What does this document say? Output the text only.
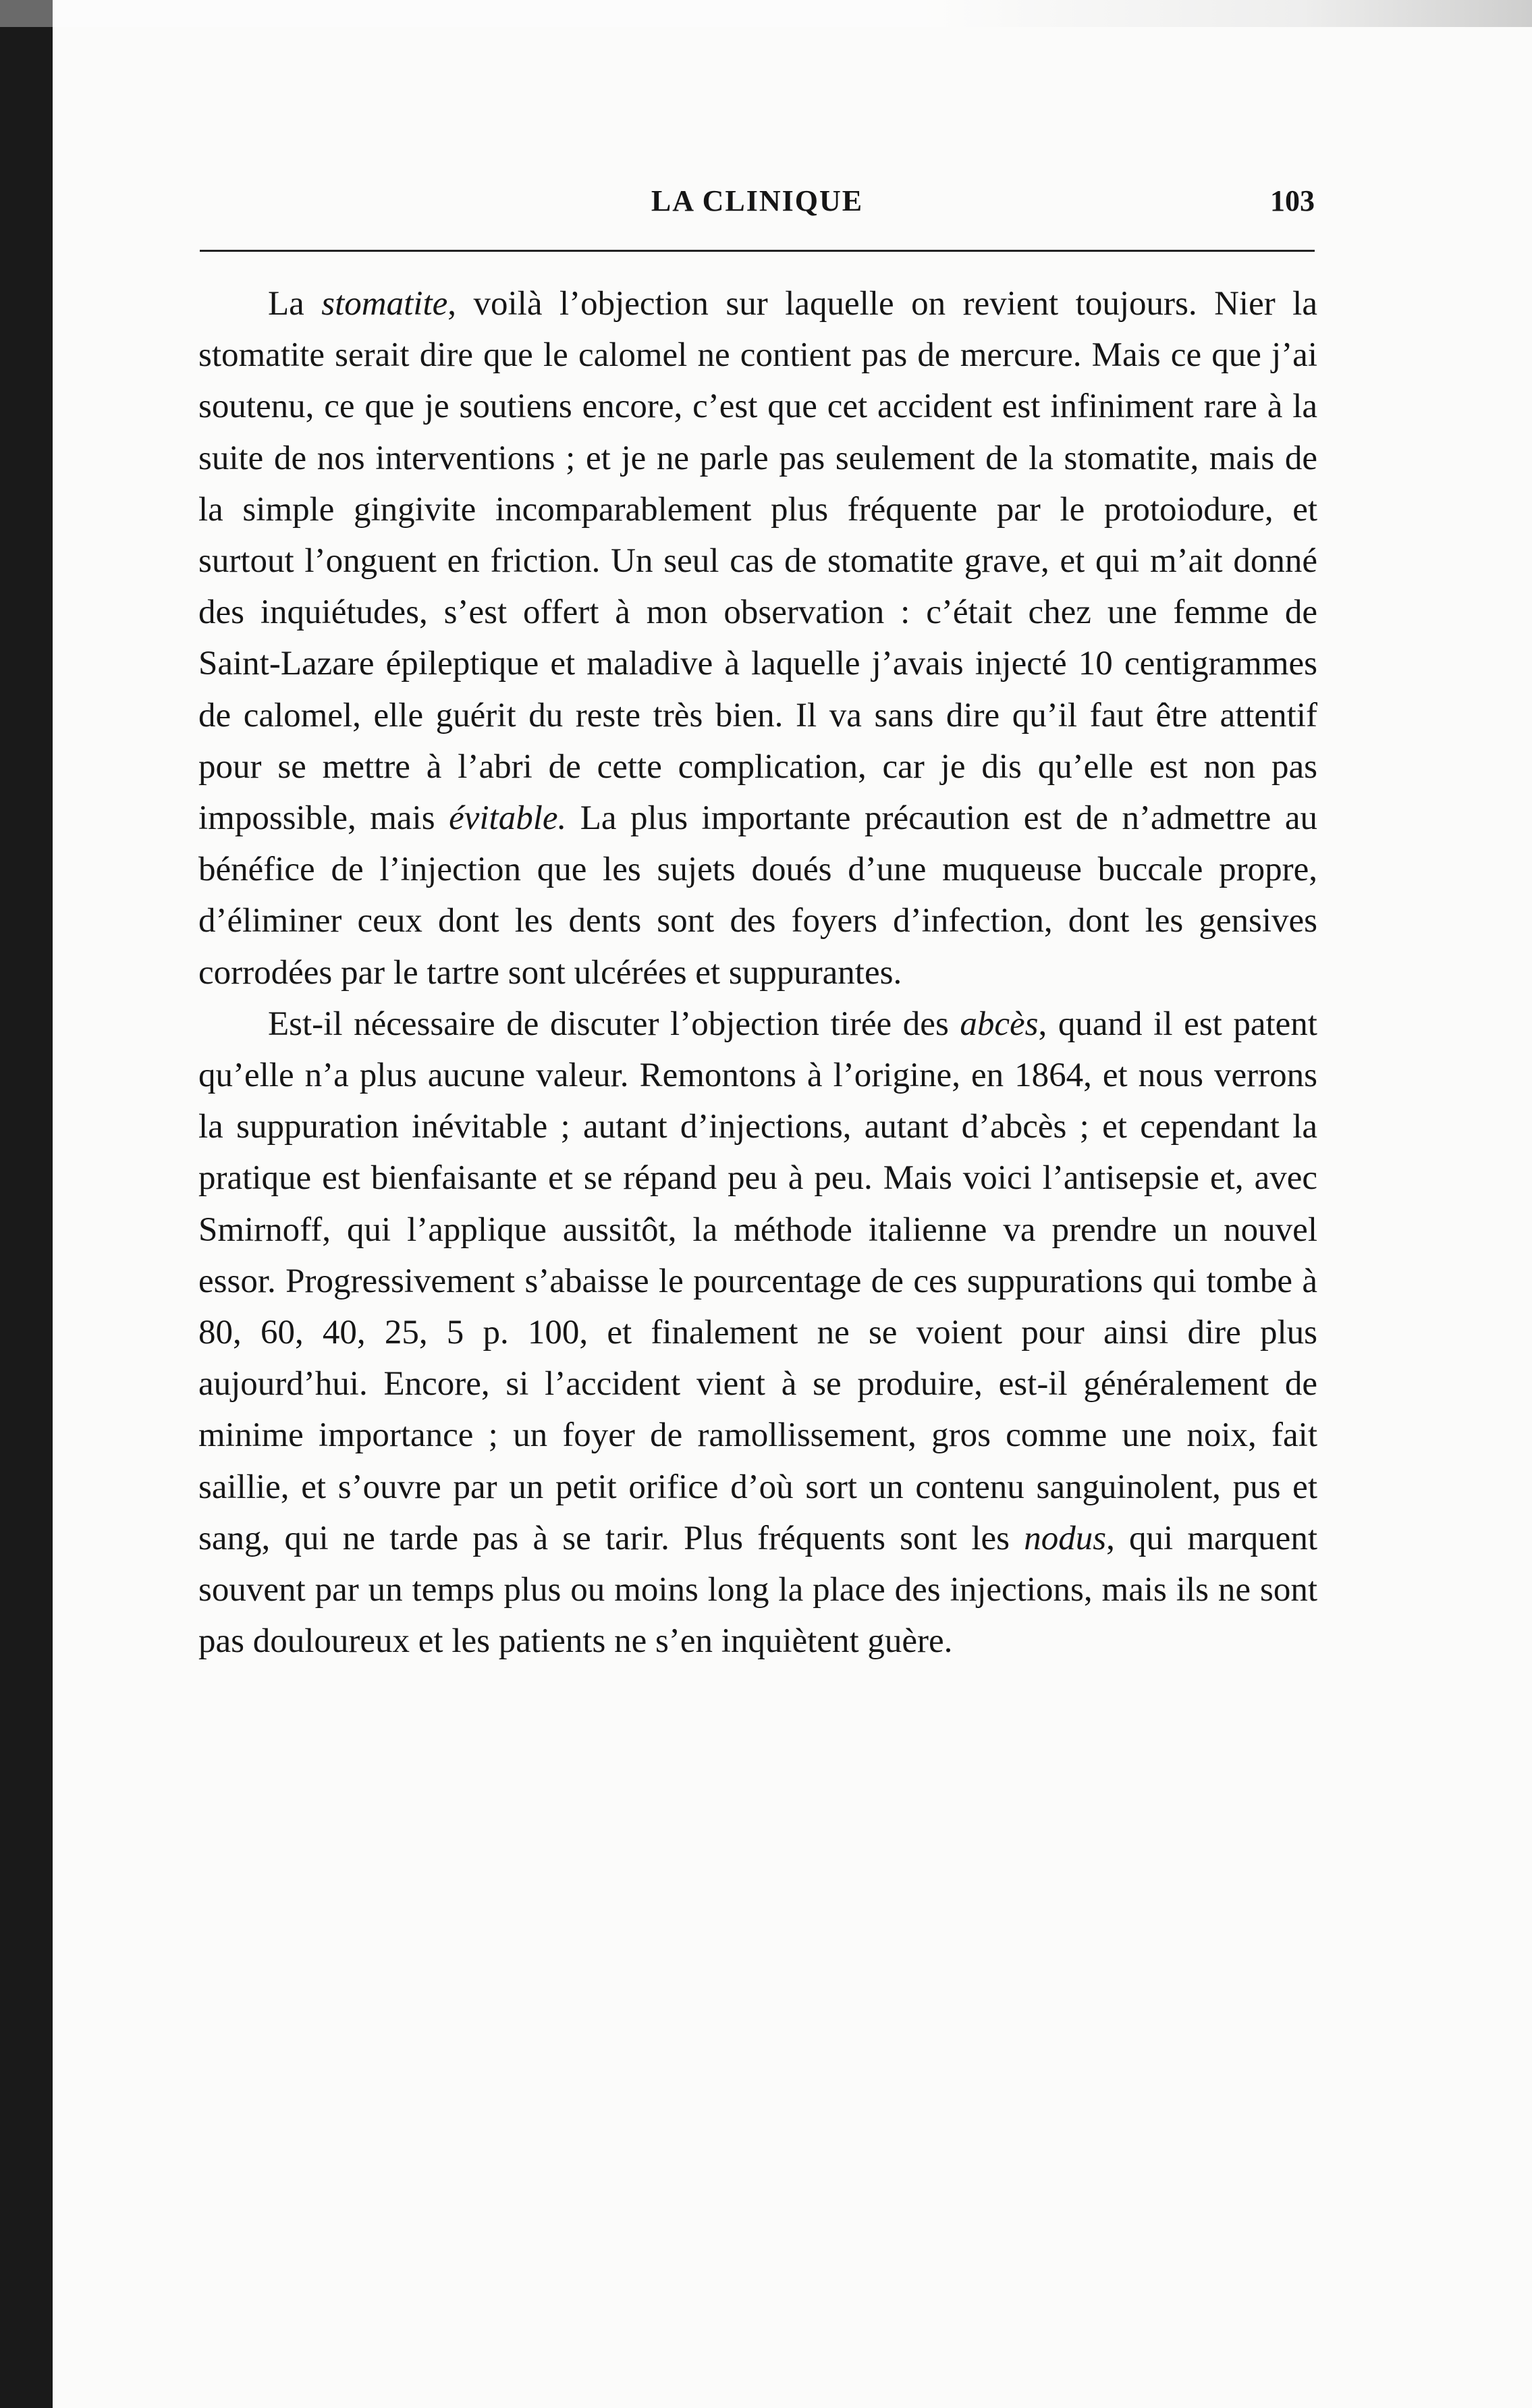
LA CLINIQUE	103

La stomatite, voilà l’objection sur laquelle on revient toujours. Nier la stomatite serait dire que le calomel ne contient pas de mercure. Mais ce que j’ai soutenu, ce que je soutiens encore, c’est que cet accident est infiniment rare à la suite de nos interventions ; et je ne parle pas seulement de la stomatite, mais de la simple gingivite incomparablement plus fréquente par le protoiodure, et surtout l’onguent en friction. Un seul cas de stomatite grave, et qui m’ait donné des inquiétudes, s’est offert à mon observation : c’était chez une femme de Saint-Lazare épileptique et maladive à laquelle j’avais injecté 10 centigrammes de calomel, elle guérit du reste très bien. Il va sans dire qu’il faut être attentif pour se mettre à l’abri de cette complication, car je dis qu’elle est non pas impossible, mais évitable. La plus importante précaution est de n’admettre au bénéfice de l’injection que les sujets doués d’une muqueuse buccale propre, d’éliminer ceux dont les dents sont des foyers d’infection, dont les gensives corrodées par le tartre sont ulcérées et suppurantes.

Est-il nécessaire de discuter l’objection tirée des abcès, quand il est patent qu’elle n’a plus aucune valeur. Remontons à l’origine, en 1864, et nous verrons la suppuration inévitable ; autant d’injections, autant d’abcès ; et cependant la pratique est bienfaisante et se répand peu à peu. Mais voici l’antisepsie et, avec Smirnoff, qui l’applique aussitôt, la méthode italienne va prendre un nouvel essor. Progressivement s’abaisse le pourcentage de ces suppurations qui tombe à 80, 60, 40, 25, 5 p. 100, et finalement ne se voient pour ainsi dire plus aujourd’hui. Encore, si l’accident vient à se produire, est-il généralement de minime importance ; un foyer de ramollissement, gros comme une noix, fait saillie, et s’ouvre par un petit orifice d’où sort un contenu sanguinolent, pus et sang, qui ne tarde pas à se tarir. Plus fréquents sont les nodus, qui marquent souvent par un temps plus ou moins long la place des injections, mais ils ne sont pas douloureux et les patients ne s’en inquiètent guère.
